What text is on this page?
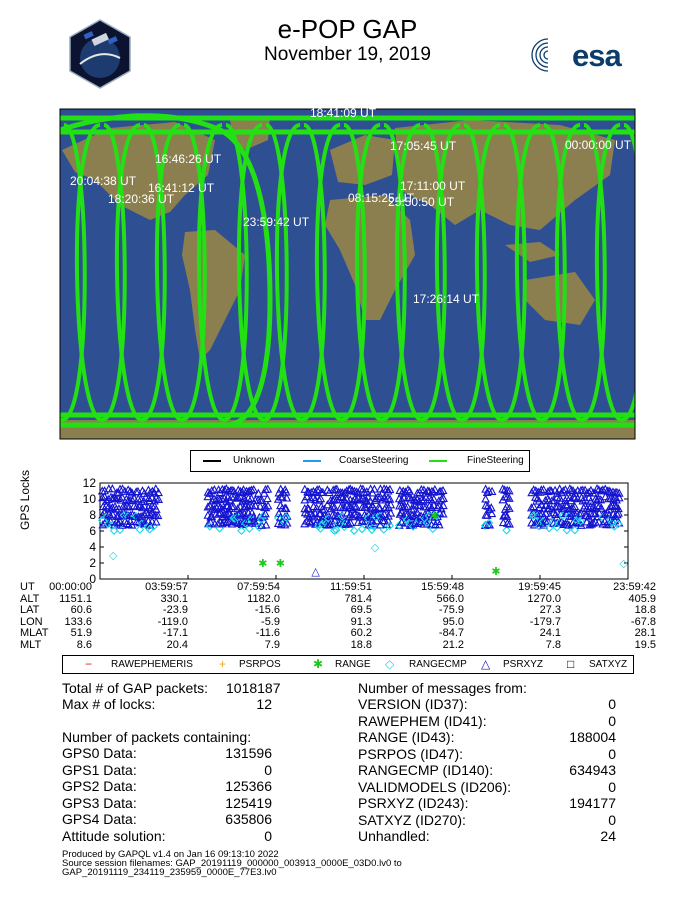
e-POP GAP
November 19, 2019	esa
18:41:09 UT
16:46:26 UT
17:05:45 UT	00:00:00 UT
20:04:38 UT 16:41:12 UT
18:20:36 UT
17:11:00 UT
08:15:25 UT
25:50:50 UT
23:59:42 UT
17:26:14 UT
Unknown	CoarseSteering	FineSteering
GPS Locks	12
10
8
6
4
2
0
◇
✱ ✱
△
◇
✱
✱
◇
UT	00:00:00	03:59:57	07:59:54	11:59:51	15:59:48	19:59:45	23:59:42
ALT	1151.1	330.1	1182.0	781.4	566.0	1270.0	405.9
LAT	60.6	-23.9	-15.6	69.5	-75.9	27.3	18.8
LON	133.6	-119.0	-5.9	91.3	95.0	-179.7	-67.8
MLAT	51.9	-17.1	-11.6	60.2	-84.7	24.1	28.1
MLT	8.6	20.4	7.9	18.8	21.2	7.8	19.5
− RAWEPHEMERIS + PSRPOS	✱ RANGE ◇ RANGECMP △ PSRXYZ □ SATXYZ
Total # of GAP packets: 1018187
Max # of locks:	12
Number of packets containing:
GPS0 Data:	131596
GPS1 Data:	0
GPS2 Data:	125366
GPS3 Data:	125419
GPS4 Data:	635806
Attitude solution:	0
Number of messages from:
VERSION (ID37):	0
RAWEPHEM (ID41):	0
RANGE (ID43):	188004
PSRPOS (ID47):	0
RANGECMP (ID140):	634943
VALIDMODELS (ID206):	0
PSRXYZ (ID243):	194177
SATXYZ (ID270):	0
Unhandled:	24
Produced by GAPQL v1.4 on Jan 16 09:13:10 2022
Source session filenames: GAP_20191119_000000_003913_0000E_03D0.lv0 to
GAP_20191119_234119_235959_0000E_77E3.lv0
